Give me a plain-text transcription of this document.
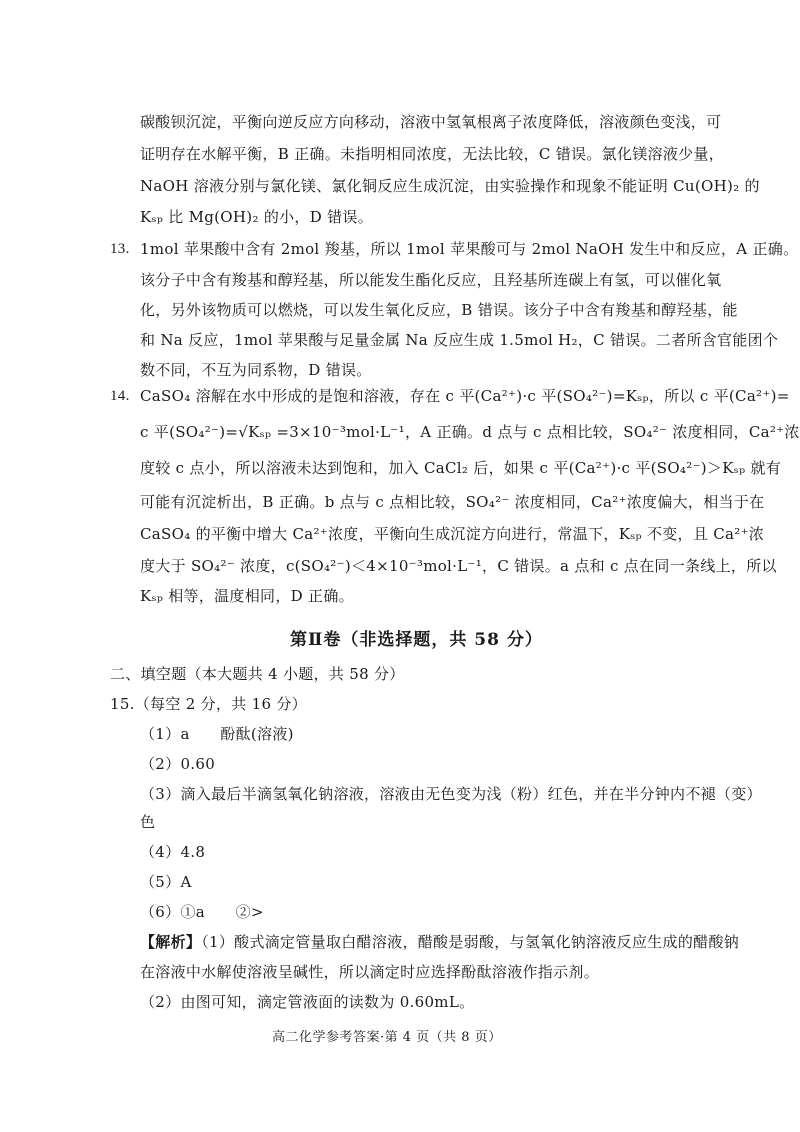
碳酸钡沉淀，平衡向逆反应方向移动，溶液中氢氧根离子浓度降低，溶液颜色变浅，可
证明存在水解平衡，B 正确。未指明相同浓度，无法比较，C 错误。氯化镁溶液少量，
NaOH 溶液分别与氯化镁、氯化铜反应生成沉淀，由实验操作和现象不能证明 Cu(OH)₂ 的
Kₛₚ 比 Mg(OH)₂ 的小，D 错误。
13. 1mol 苹果酸中含有 2mol 羧基，所以 1mol 苹果酸可与 2mol NaOH 发生中和反应，A 正确。
该分子中含有羧基和醇羟基，所以能发生酯化反应，且羟基所连碳上有氢，可以催化氧
化，另外该物质可以燃烧，可以发生氧化反应，B 错误。该分子中含有羧基和醇羟基，能
和 Na 反应，1mol 苹果酸与足量金属 Na 反应生成 1.5mol H₂，C 错误。二者所含官能团个
数不同，不互为同系物，D 错误。
14. CaSO₄ 溶解在水中形成的是饱和溶液，存在 c 平(Ca²⁺)·c 平(SO₄²⁻)=Kₛₚ，所以 c 平(Ca²⁺)=
c 平(SO₄²⁻)=√Kₛₚ =3×10⁻³mol·L⁻¹，A 正确。d 点与 c 点相比较，SO₄²⁻ 浓度相同，Ca²⁺浓
度较 c 点小，所以溶液未达到饱和，加入 CaCl₂ 后，如果 c 平(Ca²⁺)·c 平(SO₄²⁻)＞Kₛₚ 就有
可能有沉淀析出，B 正确。b 点与 c 点相比较，SO₄²⁻ 浓度相同，Ca²⁺浓度偏大，相当于在
CaSO₄ 的平衡中增大 Ca²⁺浓度，平衡向生成沉淀方向进行，常温下，Kₛₚ 不变，且 Ca²⁺浓
度大于 SO₄²⁻ 浓度，c(SO₄²⁻)＜4×10⁻³mol·L⁻¹，C 错误。a 点和 c 点在同一条线上，所以
Kₛₚ 相等，温度相同，D 正确。
第Ⅱ卷（非选择题，共 58 分）
二、填空题（本大题共 4 小题，共 58 分）
15.（每空 2 分，共 16 分）
（1）a　　酚酞(溶液)
（2）0.60
（3）滴入最后半滴氢氧化钠溶液，溶液由无色变为浅（粉）红色，并在半分钟内不褪（变）
色
（4）4.8
（5）A
（6）①a　　②>
【解析】（1）酸式滴定管量取白醋溶液，醋酸是弱酸，与氢氧化钠溶液反应生成的醋酸钠
在溶液中水解使溶液呈碱性，所以滴定时应选择酚酞溶液作指示剂。
（2）由图可知，滴定管液面的读数为 0.60mL。
高二化学参考答案·第 4 页（共 8 页）
